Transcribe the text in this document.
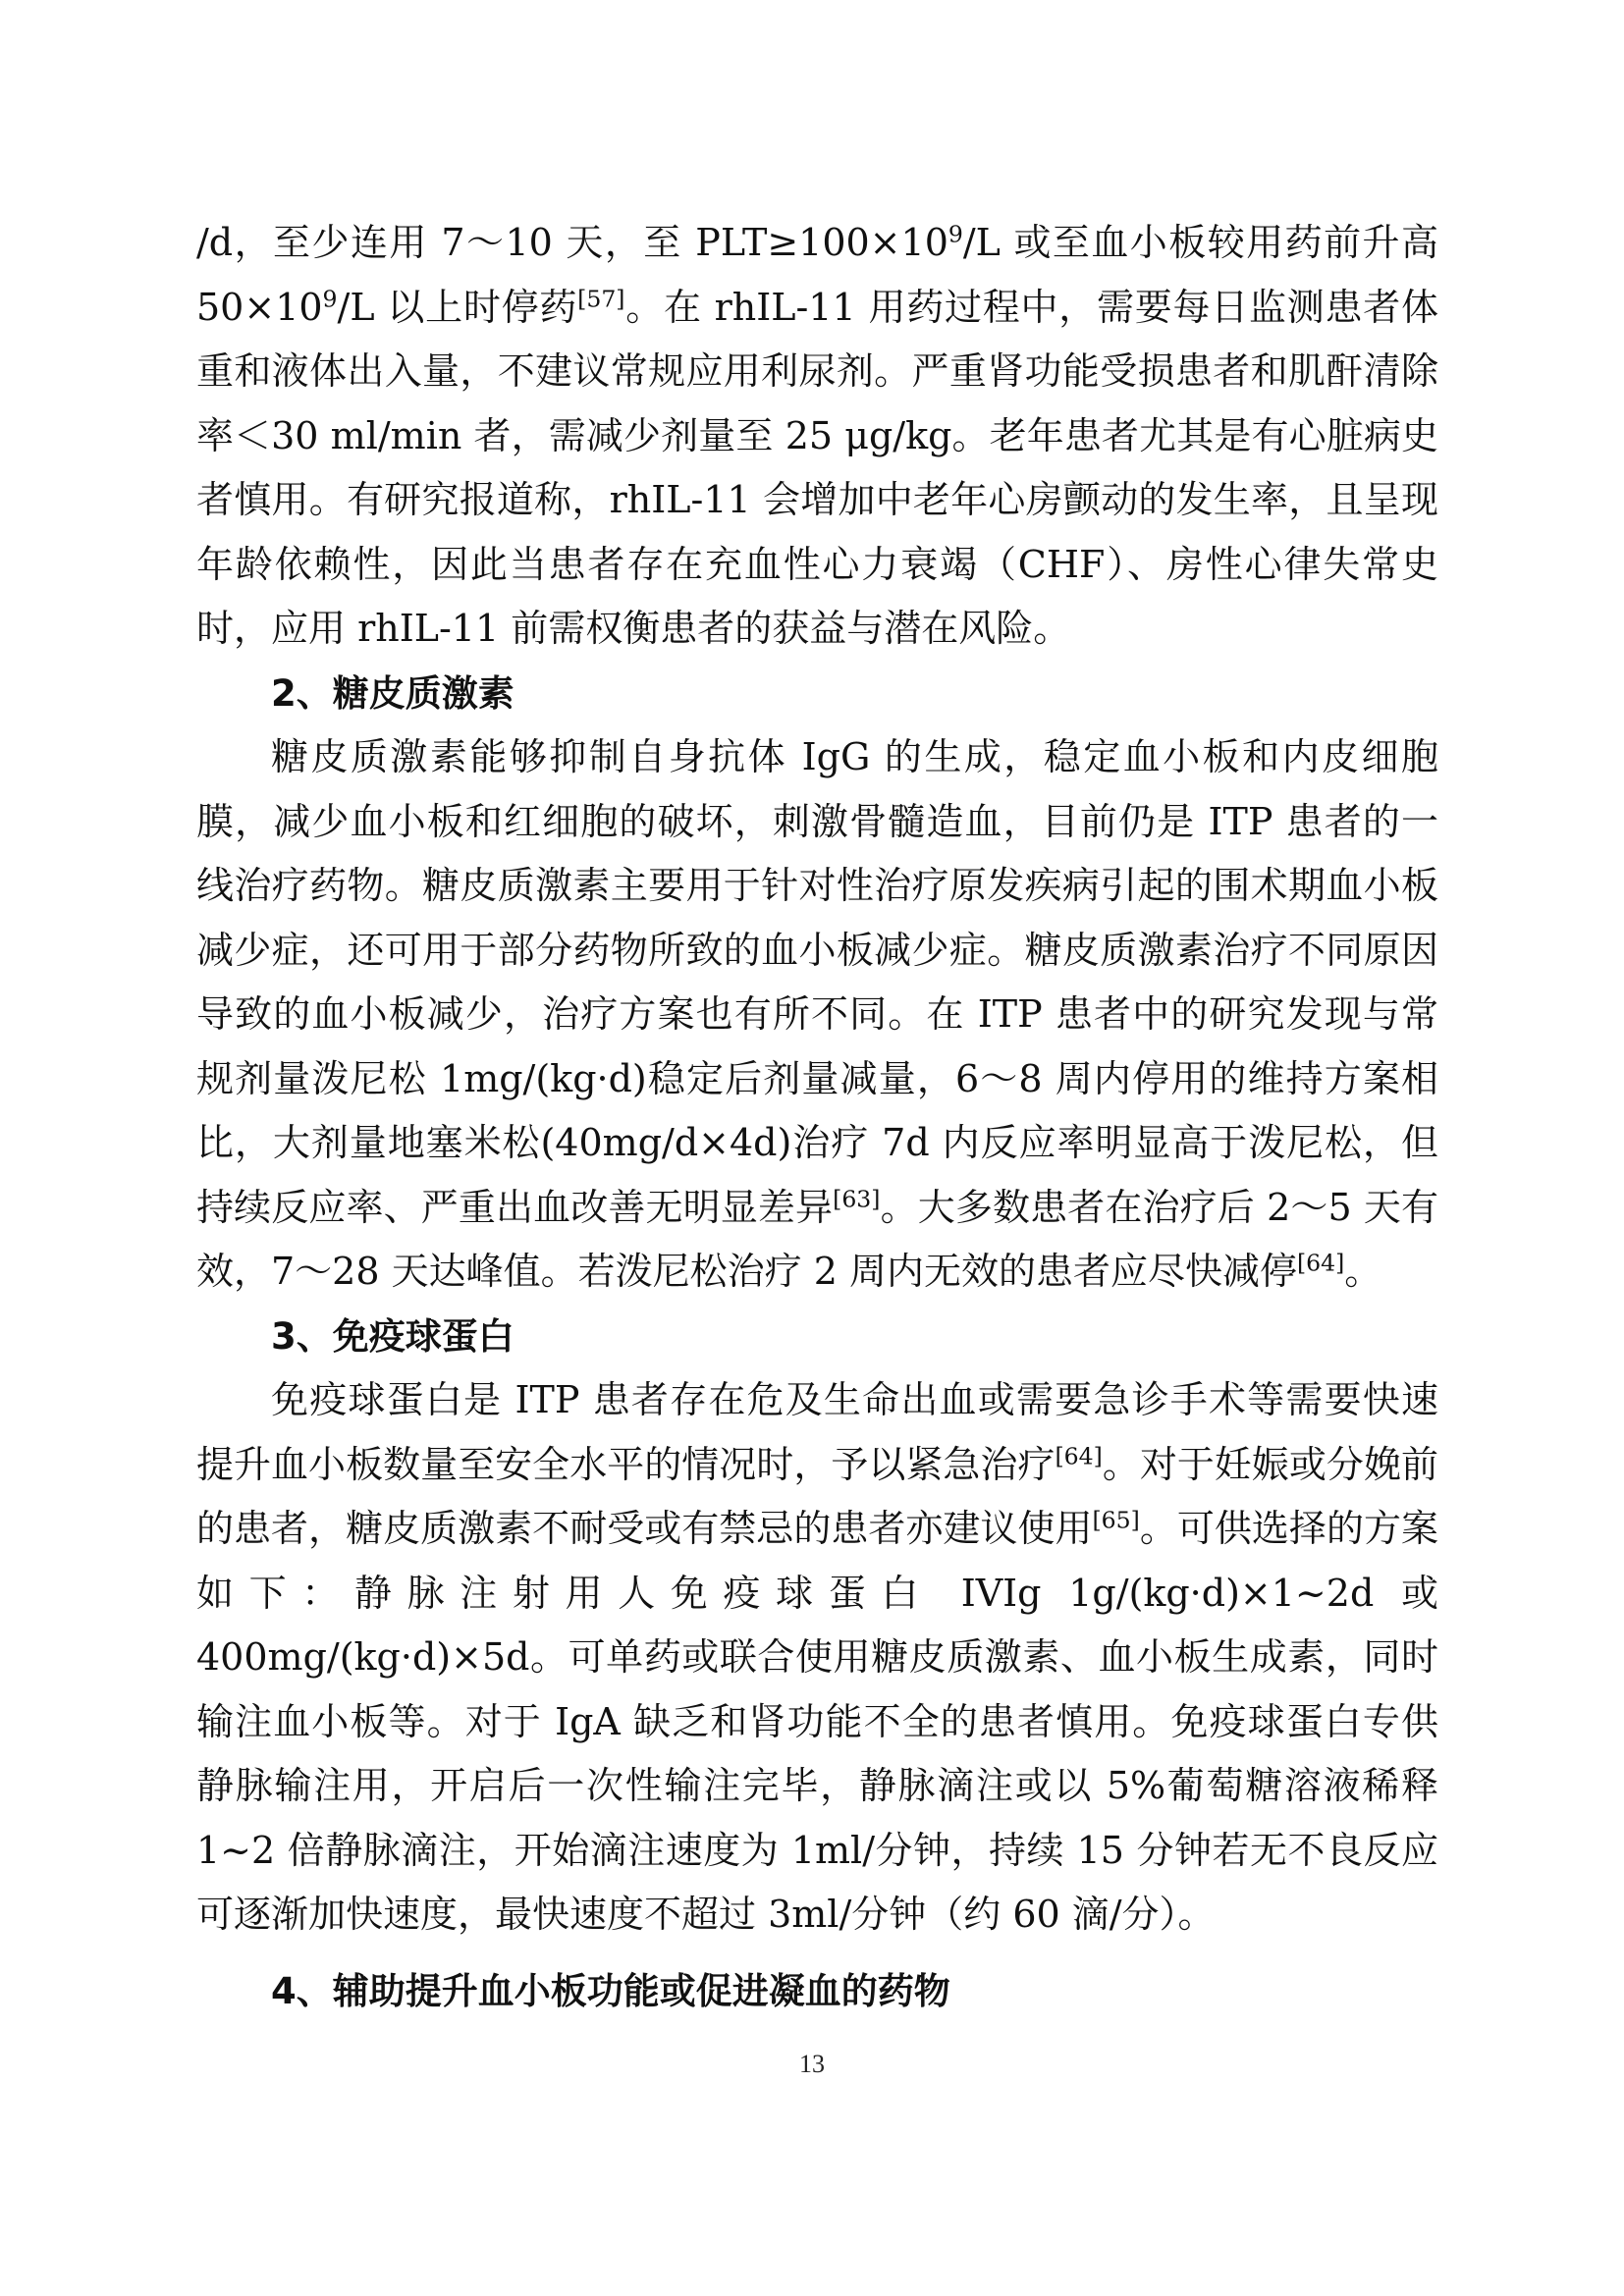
/d，至少连用 7～10 天，至 $PLT\ge 100\times 10^9/L$ 或至血小板较用药前升高 $50\times 10^9/L$ 以上时停药[57]。在 rhIL-11 用药过程中，需要每日监测患者体重和液体出入量，不建议常规应用利尿剂。严重肾功能受损患者和肌酐清除率＜30 ml/min 者，需减少剂量至 25 μg/kg。老年患者尤其是有心脏病史者慎用。有研究报道称，rhIL-11 会增加中老年心房颤动的发生率，且呈现年龄依赖性，因此当患者存在充血性心力衰竭（CHF）、房性心律失常史时，应用 rhIL-11 前需权衡患者的获益与潜在风险。

2、糖皮质激素

糖皮质激素能够抑制自身抗体 IgG 的生成，稳定血小板和内皮细胞膜，减少血小板和红细胞的破坏，刺激骨髓造血，目前仍是 ITP 患者的一线治疗药物。糖皮质激素主要用于针对性治疗原发疾病引起的围术期血小板减少症，还可用于部分药物所致的血小板减少症。糖皮质激素治疗不同原因导致的血小板减少，治疗方案也有所不同。在 ITP 患者中的研究发现与常规剂量泼尼松 1mg/(kg·d)稳定后剂量减量，6～8 周内停用的维持方案相比，大剂量地塞米松(40mg/d×4d)治疗 7d 内反应率明显高于泼尼松，但持续反应率、严重出血改善无明显差异[63]。大多数患者在治疗后 2～5 天有效，7～28 天达峰值。若泼尼松治疗 2 周内无效的患者应尽快减停[64]。

3、免疫球蛋白

免疫球蛋白是 ITP 患者存在危及生命出血或需要急诊手术等需要快速提升血小板数量至安全水平的情况时，予以紧急治疗[64]。对于妊娠或分娩前的患者，糖皮质激素不耐受或有禁忌的患者亦建议使用[65]。可供选择的方案如下：静脉注射用人免疫球蛋白 IVIg 1g/(kg·d)×1~2d 或 400mg/(kg·d)×5d。可单药或联合使用糖皮质激素、血小板生成素，同时输注血小板等。对于 IgA 缺乏和肾功能不全的患者慎用。免疫球蛋白专供静脉输注用，开启后一次性输注完毕，静脉滴注或以 5%葡萄糖溶液稀释 1~2 倍静脉滴注，开始滴注速度为 1ml/分钟，持续 15 分钟若无不良反应可逐渐加快速度，最快速度不超过 3ml/分钟（约 60 滴/分）。

4、辅助提升血小板功能或促进凝血的药物

13
